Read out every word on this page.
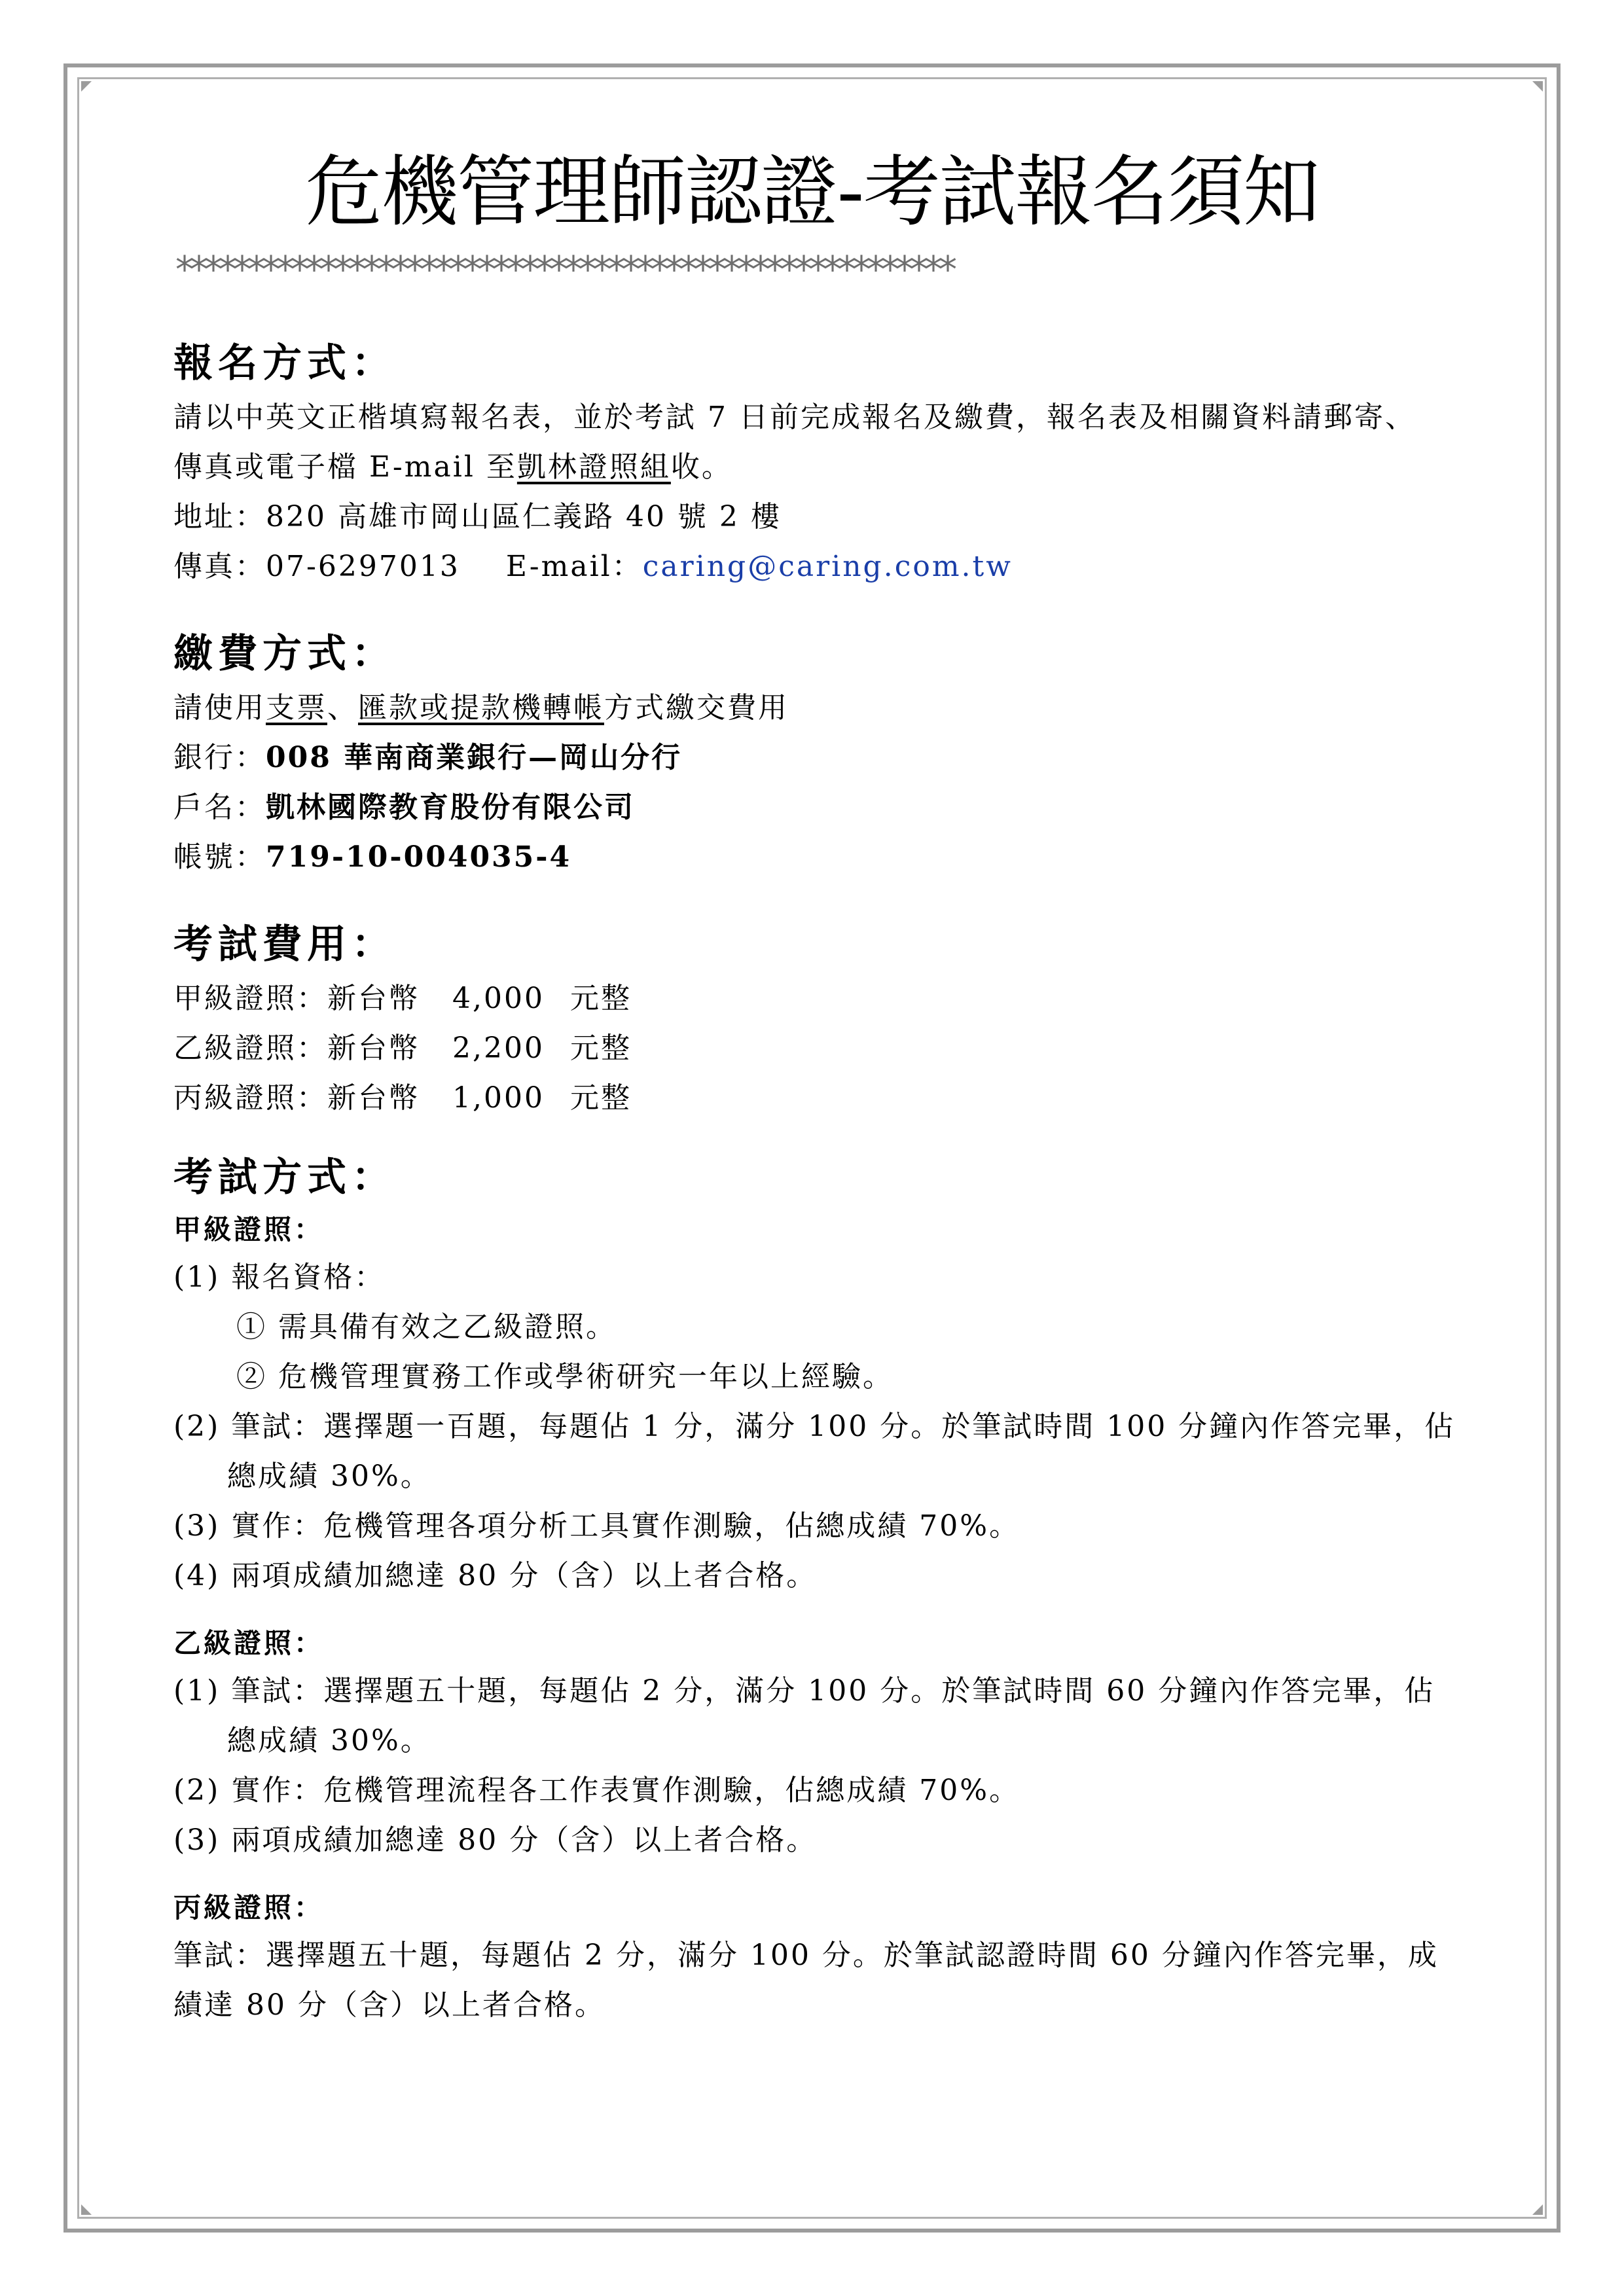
危機管理師認證-考試報名須知
******************************************************
報名方式：

請以中英文正楷填寫報名表，並於考試 7 日前完成報名及繳費，報名表及相關資料請郵寄、

傳真或電子檔 E-mail 至凱林證照組收。

地址：820 高雄市岡山區仁義路 40 號 2 樓

傳真：07-6297013 E-mail：caring@caring.com.tw

繳費方式：

請使用支票、匯款或提款機轉帳方式繳交費用

銀行：008 華南商業銀行—岡山分行

戶名：凱林國際教育股份有限公司

帳號：719-10-004035-4

考試費用：

甲級證照：新台幣 4,000 元整

乙級證照：新台幣 2,200 元整

丙級證照：新台幣 1,000 元整

考試方式：

甲級證照：

(1) 報名資格：

① 需具備有效之乙級證照。

② 危機管理實務工作或學術研究一年以上經驗。

(2) 筆試：選擇題一百題，每題佔 1 分，滿分 100 分。於筆試時間 100 分鐘內作答完畢，佔總成績 30%。

(3) 實作：危機管理各項分析工具實作測驗，佔總成績 70%。

(4) 兩項成績加總達 80 分（含）以上者合格。

乙級證照：

(1) 筆試：選擇題五十題，每題佔 2 分，滿分 100 分。於筆試時間 60 分鐘內作答完畢，佔總成績 30%。

(2) 實作：危機管理流程各工作表實作測驗，佔總成績 70%。

(3) 兩項成績加總達 80 分（含）以上者合格。

丙級證照：

筆試：選擇題五十題，每題佔 2 分，滿分 100 分。於筆試認證時間 60 分鐘內作答完畢，成績達 80 分（含）以上者合格。
